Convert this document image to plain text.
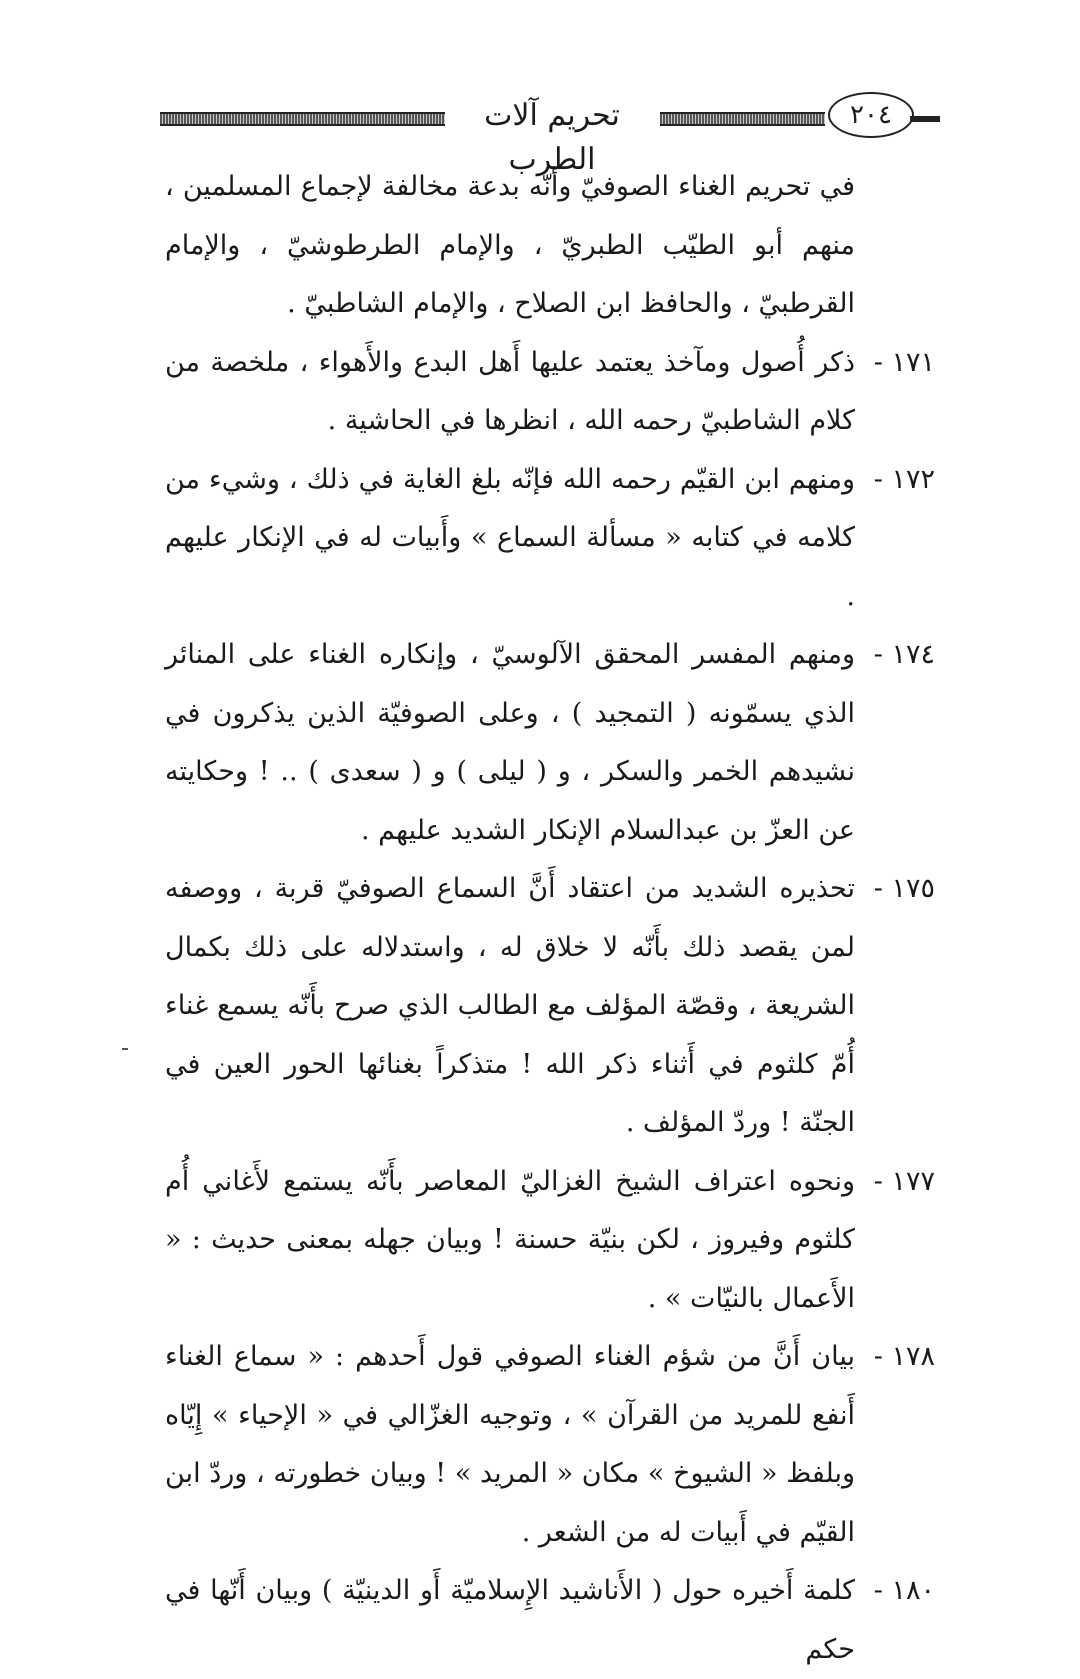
تحريم آلات الطرب
٢٠٤

في تحريم الغناء الصوفيّ وأنّه بدعة مخالفة لإجماع المسلمين ، منهم أبو الطيّب الطبريّ ، والإمام الطرطوشيّ ، والإمام القرطبيّ ، والحافظ ابن الصلاح ، والإمام الشاطبيّ .

١٧١ -
ذكر أُصول ومآخذ يعتمد عليها أَهل البدع والأَهواء ، ملخصة من كلام الشاطبيّ رحمه الله ، انظرها في الحاشية .
١٧٢ -
ومنهم ابن القيّم رحمه الله فإنّه بلغ الغاية في ذلك ، وشيء من كلامه في كتابه « مسألة السماع » وأَبيات له في الإنكار عليهم .
١٧٤ -
ومنهم المفسر المحقق الآلوسيّ ، وإنكاره الغناء على المنائر الذي يسمّونه ( التمجيد ) ، وعلى الصوفيّة الذين يذكرون في نشيدهم الخمر والسكر ، و ( ليلى ) و ( سعدى ) .. ! وحكايته عن العزّ بن عبدالسلام الإنكار الشديد عليهم .
١٧٥ -
تحذيره الشديد من اعتقاد أَنَّ السماع الصوفيّ قربة ، ووصفه لمن يقصد ذلك بأَنّه لا خلاق له ، واستدلاله على ذلك بكمال الشريعة ، وقصّة المؤلف مع الطالب الذي صرح بأَنّه يسمع غناء أُمّ كلثوم في أَثناء ذكر الله ! متذكراً بغنائها الحور العين في الجنّة ! وردّ المؤلف .
١٧٧ -
ونحوه اعتراف الشيخ الغزاليّ المعاصر بأَنّه يستمع لأَغاني أُم كلثوم وفيروز ، لكن بنيّة حسنة ! وبيان جهله بمعنى حديث : « الأَعمال بالنيّات » .
١٧٨ -
بيان أَنَّ من شؤم الغناء الصوفي قول أَحدهم : « سماع الغناء أَنفع للمريد من القرآن » ، وتوجيه الغزّالي في « الإحياء » إِيّاه وبلفظ « الشيوخ » مكان « المريد » ! وبيان خطورته ، وردّ ابن القيّم في أَبيات له من الشعر .
١٨٠ -
كلمة أَخيره حول ( الأَناشيد الإِسلاميّة أَو الدينيّة ) وبيان أَنّها في حكم
